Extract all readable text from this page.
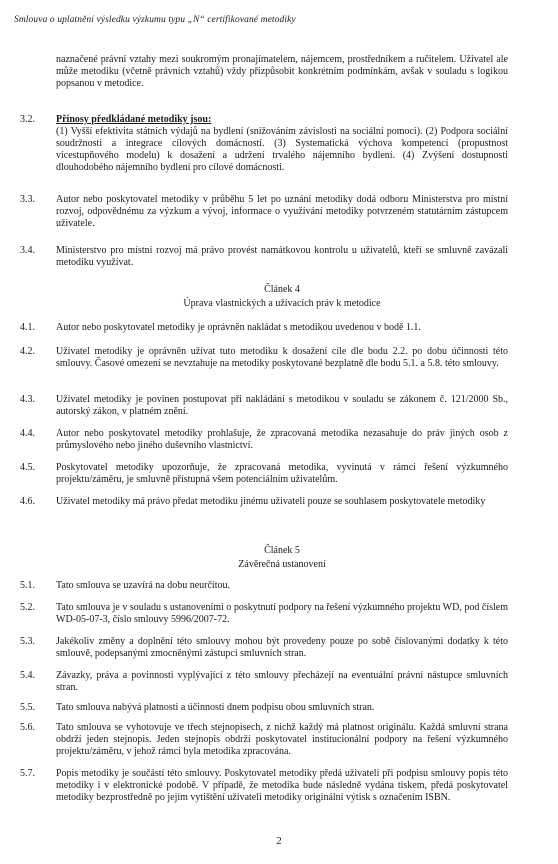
Smlouva o uplatnění výsledku výzkumu typu „N“ certifikované metodiky

naznačené právní vztahy mezi soukromým pronajímatelem, nájemcem, prostředníkem a ručitelem. Uživatel ale může metodiku (včetně právních vztahů) vždy přizpůsobit konkrétním podmínkám, avšak v souladu s logikou popsanou v metodice.

3.2.	Přínosy předkládané metodiky jsou:

(1) Vyšší efektivita státních výdajů na bydlení (snižováním závislosti na sociální pomoci). (2) Podpora sociální soudržnosti a integrace cílových domácností. (3) Systematická výchova kompetencí (propustnost vícestupňového modelu) k dosažení a udržení trvalého nájemního bydlení. (4) Zvýšení dostupnosti dlouhodobého nájemního bydlení pro cílové domácnosti.

3.3.	Autor nebo poskytovatel metodiky v průběhu 5 let po uznání metodiky dodá odboru Ministerstva pro místní rozvoj, odpovědnému za výzkum a vývoj, informace o využívání metodiky potvrzeném statutárním zástupcem uživatele.

3.4.	Ministerstvo pro místní rozvoj má právo provést namátkovou kontrolu u uživatelů, kteří se smluvně zavázali metodiku využívat.

Článek 4
Úprava vlastnických a užívacích práv k metodice
4.1.	Autor nebo poskytovatel metodiky je oprávněn nakládat s metodikou uvedenou v bodě 1.1.

4.2.	Uživatel metodiky je oprávněn užívat tuto metodiku k dosažení cíle dle bodu 2.2. po dobu účinnosti této smlouvy. Časové omezení se nevztahuje na metodiky poskytované bezplatně dle bodu 5.1. a 5.8. této smlouvy.

4.3.	Uživatel metodiky je povinen postupovat při nakládání s metodikou v souladu se zákonem č. 121/2000 Sb., autorský zákon, v platném znění.

4.4.	Autor nebo poskytovatel metodiky prohlašuje, že zpracovaná metodika nezasahuje do práv jiných osob z průmyslového nebo jiného duševního vlastnictví.

4.5.	Poskytovatel metodiky upozorňuje, že zpracovaná metodika, vyvinutá v rámci řešení výzkumného projektu/záměru, je smluvně přístupná všem potenciálním uživatelům.

4.6.	Uživatel metodiky má právo předat metodiku jinému uživateli pouze se souhlasem poskytovatele metodiky

Článek 5
Závěrečná ustanovení
5.1.	Tato smlouva se uzavírá na dobu neurčitou.

5.2.	Tato smlouva je v souladu s ustanoveními o poskytnutí podpory na řešení výzkumného projektu WD, pod číslem WD-05-07-3, číslo smlouvy 5996/2007-72.

5.3.	Jakékoliv změny a doplnění této smlouvy mohou být provedeny pouze po sobě číslovanými dodatky k této smlouvě, podepsanými zmocněnými zástupci smluvních stran.

5.4.	Závazky, práva a povinnosti vyplývající z této smlouvy přecházejí na eventuální právní nástupce smluvních stran.

5.5.	Tato smlouva nabývá platnosti a účinnosti dnem podpisu obou smluvních stran.

5.6.	Tato smlouva se vyhotovuje ve třech stejnopisech, z nichž každý má platnost originálu. Každá smluvní strana obdrží jeden stejnopis. Jeden stejnopis obdrží poskytovatel institucionální podpory na řešení výzkumného projektu/záměru, v jehož rámci byla metodika zpracována.

5.7.	Popis metodiky je součástí této smlouvy. Poskytovatel metodiky předá uživateli při podpisu smlouvy popis této metodiky i v elektronické podobě. V případě, že metodika bude následně vydána tiskem, předá poskytovatel metodiky bezprostředně po jejím vytištění uživateli metodiky originální výtisk s označením ISBN.

2
